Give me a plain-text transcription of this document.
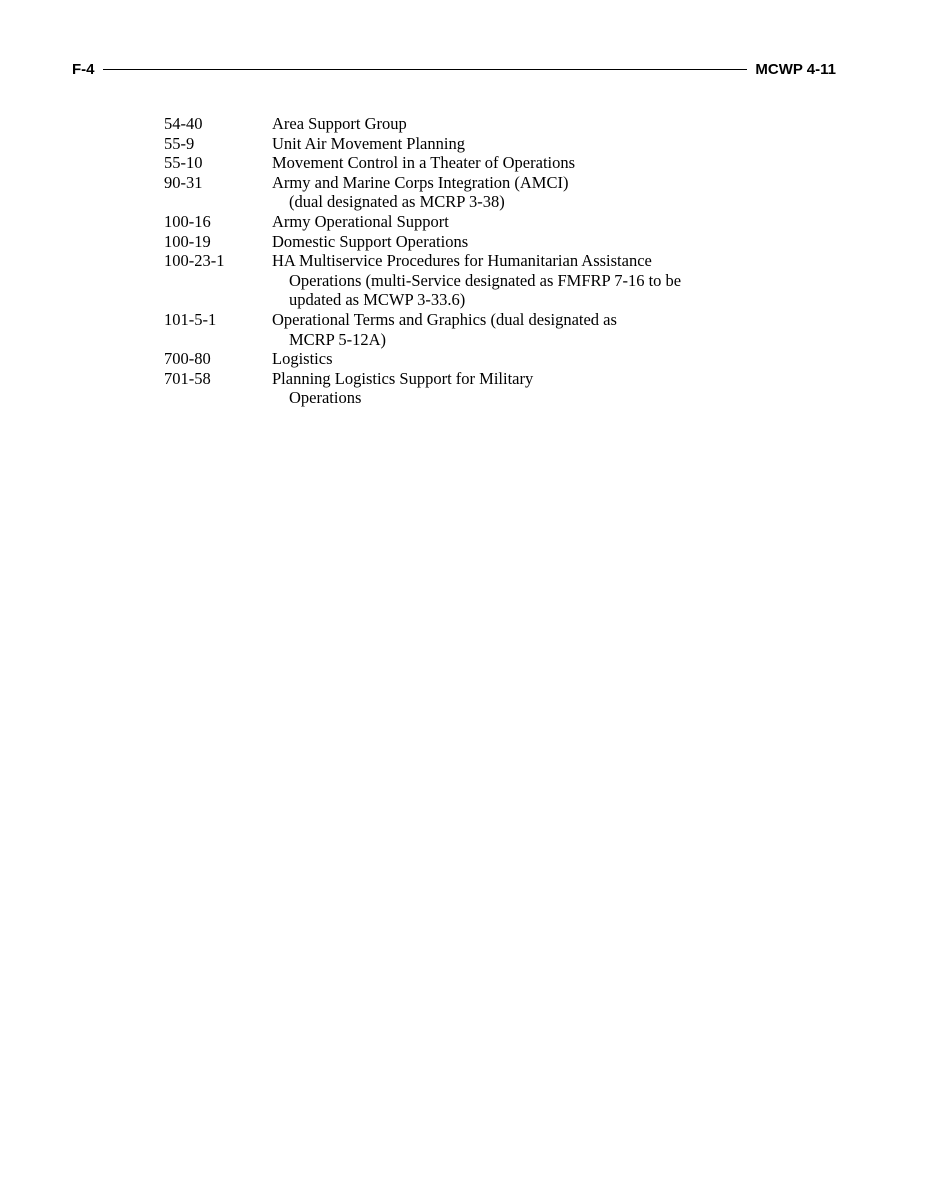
F-4	MCWP 4-11
54-40	Area Support Group
55-9	Unit Air Movement Planning
55-10	Movement Control in a Theater of Operations
90-31	Army and Marine Corps Integration (AMCI)
(dual designated as MCRP 3-38)
100-16	Army Operational Support
100-19	Domestic Support Operations
100-23-1	HA Multiservice Procedures for Humanitarian Assistance
Operations (multi-Service designated as FMFRP 7-16 to be
updated as MCWP 3-33.6)
101-5-1	Operational Terms and Graphics (dual designated as
MCRP 5-12A)
700-80	Logistics
701-58	Planning Logistics Support for Military
Operations
